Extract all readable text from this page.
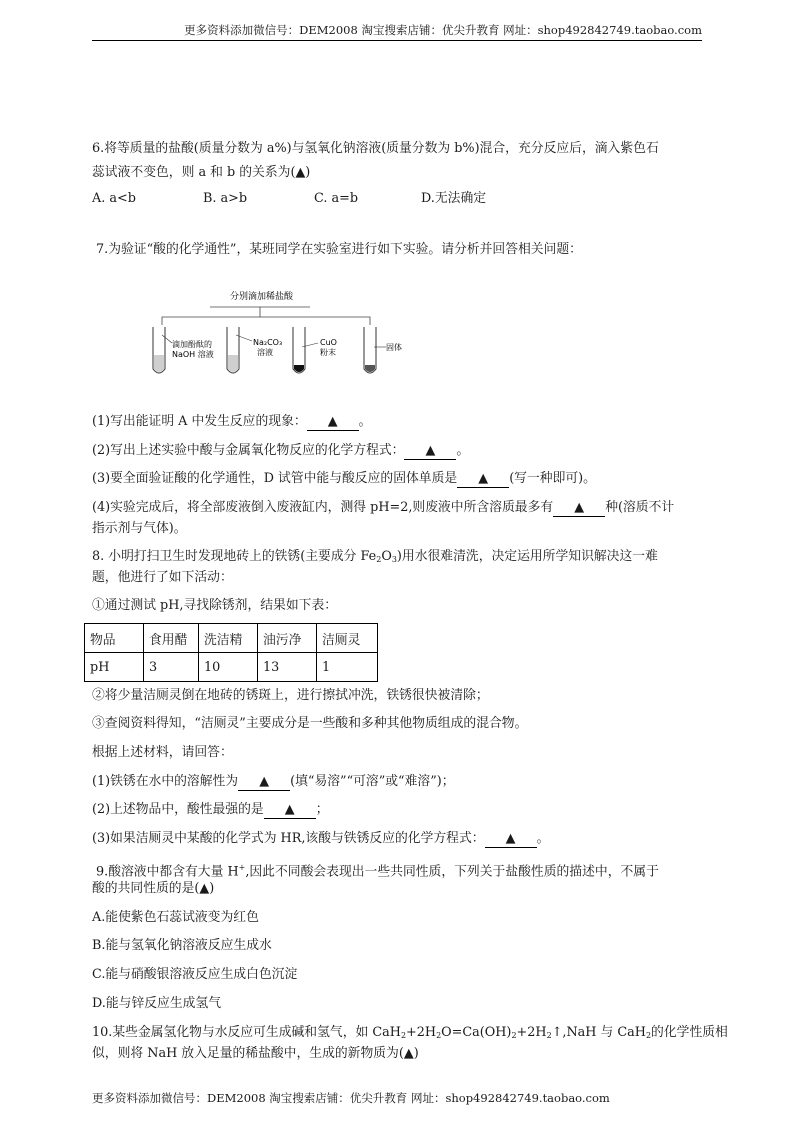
更多资料添加微信号：DEM2008 淘宝搜索店铺：优尖升教育 网址：shop492842749.taobao.com
6.将等质量的盐酸(质量分数为 a%)与氢氧化钠溶液(质量分数为 b%)混合，充分反应后，滴入紫色石
蕊试液不变色，则 a 和 b 的关系为(▲)
A. a<b	B. a>b	C. a=b	D.无法确定
7.为验证“酸的化学通性”，某班同学在实验室进行如下实验。请分析并回答相关问题：
分别滴加稀盐酸
滴加酚酞的
NaOH 溶液
Na₂CO₃
溶液
CuO
粉末
固体
(1)写出能证明 A 中发生反应的现象： ▲ 。
(2)写出上述实验中酸与金属氧化物反应的化学方程式： ▲ 。
(3)要全面验证酸的化学通性，D 试管中能与酸反应的固体单质是 ▲ (写一种即可)。
(4)实验完成后，将全部废液倒入废液缸内，测得 pH=2,则废液中所含溶质最多有 ▲ 种(溶质不计
指示剂与气体)。
8. 小明打扫卫生时发现地砖上的铁锈(主要成分 $Fe_2O_3$)用水很难清洗，决定运用所学知识解决这一难
题，他进行了如下活动：
①通过测试 pH,寻找除锈剂，结果如下表：
物品	食用醋	洗洁精	油污净	洁厕灵
pH	3	10	13	1
②将少量洁厕灵倒在地砖的锈斑上，进行擦拭冲洗，铁锈很快被清除；
③查阅资料得知，“洁厕灵”主要成分是一些酸和多种其他物质组成的混合物。
根据上述材料，请回答：
(1)铁锈在水中的溶解性为 ▲ (填“易溶”“可溶”或“难溶”)；
(2)上述物品中，酸性最强的是 ▲ ；
(3)如果洁厕灵中某酸的化学式为 HR,该酸与铁锈反应的化学方程式： ▲ 。
9.酸溶液中都含有大量 H+,因此不同酸会表现出一些共同性质，下列关于盐酸性质的描述中，不属于
酸的共同性质的是(▲)
A.能使紫色石蕊试液变为红色
B.能与氢氧化钠溶液反应生成水
C.能与硝酸银溶液反应生成白色沉淀
D.能与锌反应生成氢气
10.某些金属氢化物与水反应可生成碱和氢气，如 $CaH_2+2H_2O=Ca(OH)_2+2H_2↑,NaH$ 与 CaH$_2$的化学性质相
似，则将 NaH 放入足量的稀盐酸中，生成的新物质为(▲)
更多资料添加微信号：DEM2008 淘宝搜索店铺：优尖升教育 网址：shop492842749.taobao.com
